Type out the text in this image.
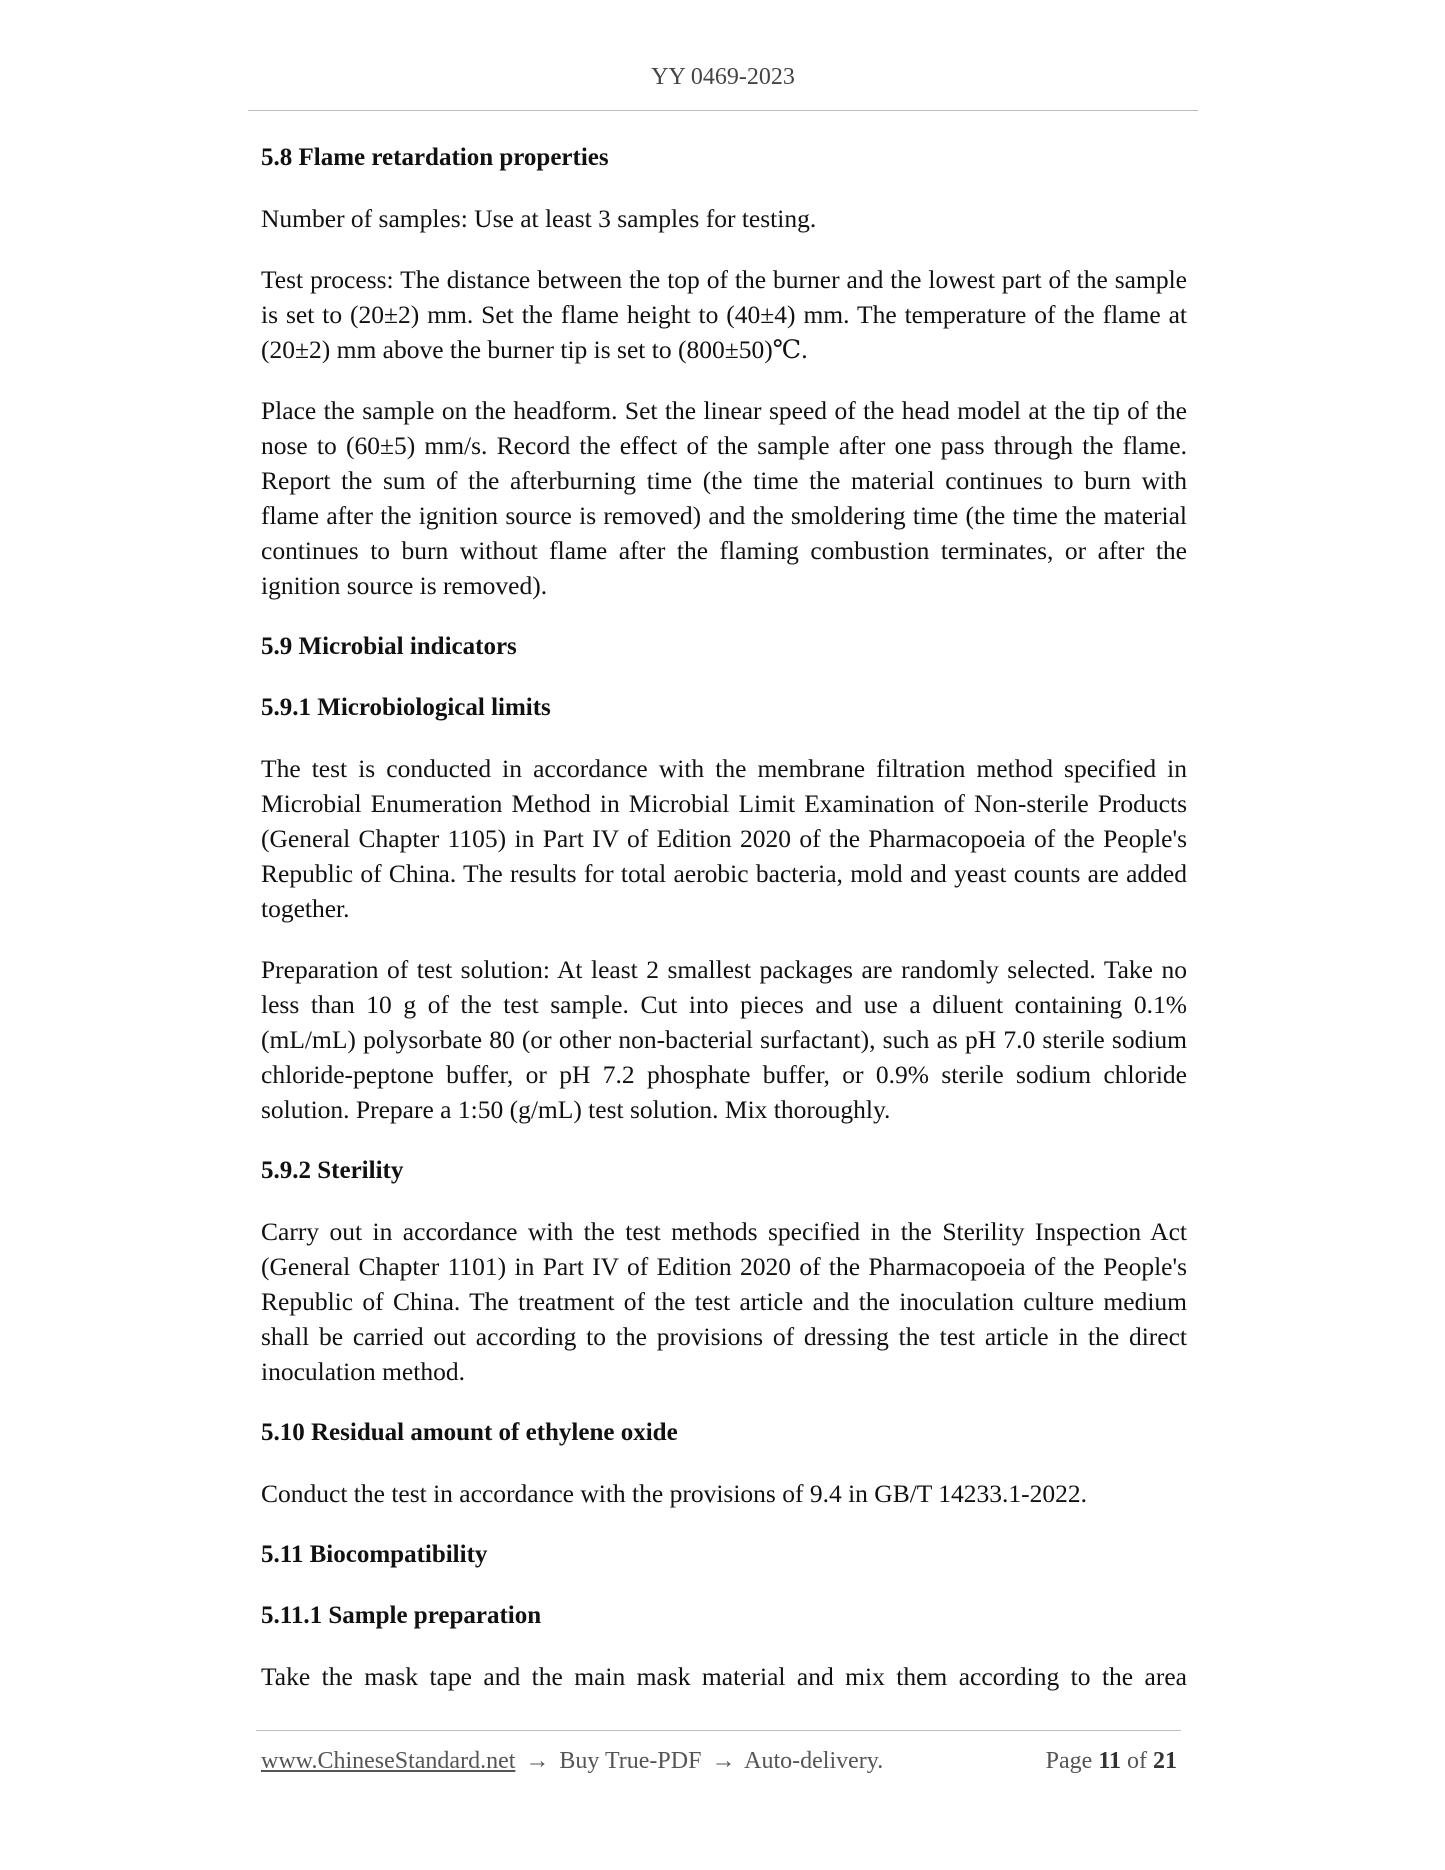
YY 0469-2023
5.8 Flame retardation properties
Number of samples: Use at least 3 samples for testing.
Test process: The distance between the top of the burner and the lowest part of the sample is set to (20±2) mm. Set the flame height to (40±4) mm. The temperature of the flame at (20±2) mm above the burner tip is set to (800±50)℃.
Place the sample on the headform. Set the linear speed of the head model at the tip of the nose to (60±5) mm/s. Record the effect of the sample after one pass through the flame. Report the sum of the afterburning time (the time the material continues to burn with flame after the ignition source is removed) and the smoldering time (the time the material continues to burn without flame after the flaming combustion terminates, or after the ignition source is removed).
5.9 Microbial indicators
5.9.1 Microbiological limits
The test is conducted in accordance with the membrane filtration method specified in Microbial Enumeration Method in Microbial Limit Examination of Non-sterile Products (General Chapter 1105) in Part IV of Edition 2020 of the Pharmacopoeia of the People's Republic of China. The results for total aerobic bacteria, mold and yeast counts are added together.
Preparation of test solution: At least 2 smallest packages are randomly selected. Take no less than 10 g of the test sample. Cut into pieces and use a diluent containing 0.1% (mL/mL) polysorbate 80 (or other non-bacterial surfactant), such as pH 7.0 sterile sodium chloride-peptone buffer, or pH 7.2 phosphate buffer, or 0.9% sterile sodium chloride solution. Prepare a 1:50 (g/mL) test solution. Mix thoroughly.
5.9.2 Sterility
Carry out in accordance with the test methods specified in the Sterility Inspection Act (General Chapter 1101) in Part IV of Edition 2020 of the Pharmacopoeia of the People's Republic of China. The treatment of the test article and the inoculation culture medium shall be carried out according to the provisions of dressing the test article in the direct inoculation method.
5.10 Residual amount of ethylene oxide
Conduct the test in accordance with the provisions of 9.4 in GB/T 14233.1-2022.
5.11 Biocompatibility
5.11.1 Sample preparation
Take the mask tape and the main mask material and mix them according to the area
www.ChineseStandard.net → Buy True-PDF → Auto-delivery.	Page 11 of 21
